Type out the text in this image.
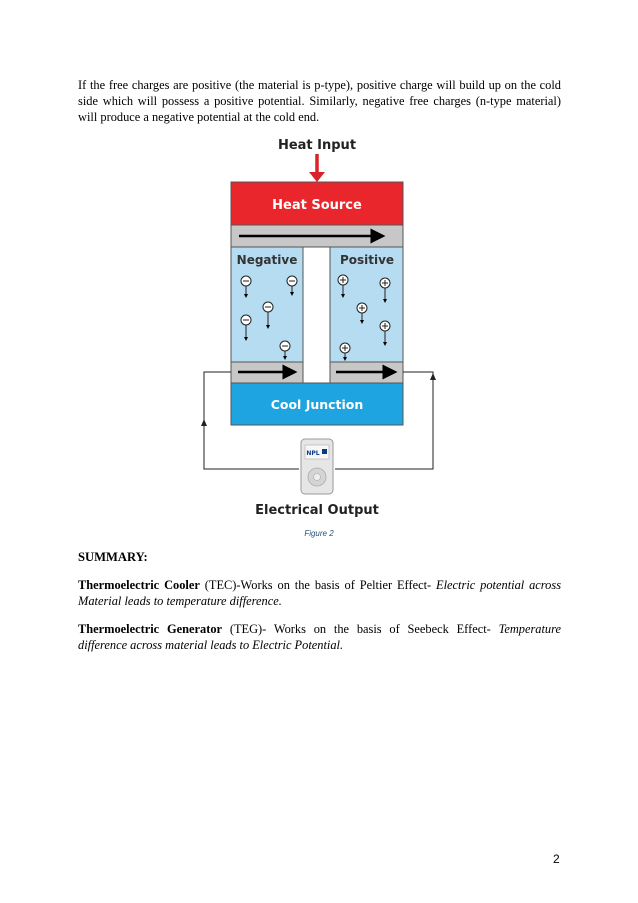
If the free charges are positive (the material is p-type), positive charge will build up on the cold side which will possess a positive potential. Similarly, negative free charges (n-type material) will produce a negative potential at the cold end.

Heat Input
Heat Source
Negative	Positive
Cool Junction
NPL
Electrical Output
Figure 2
SUMMARY:

Thermoelectric Cooler (TEC)-Works on the basis of Peltier Effect- Electric potential across Material leads to temperature difference.

Thermoelectric Generator (TEG)- Works on the basis of Seebeck Effect- Temperature difference across material leads to Electric Potential.

2
